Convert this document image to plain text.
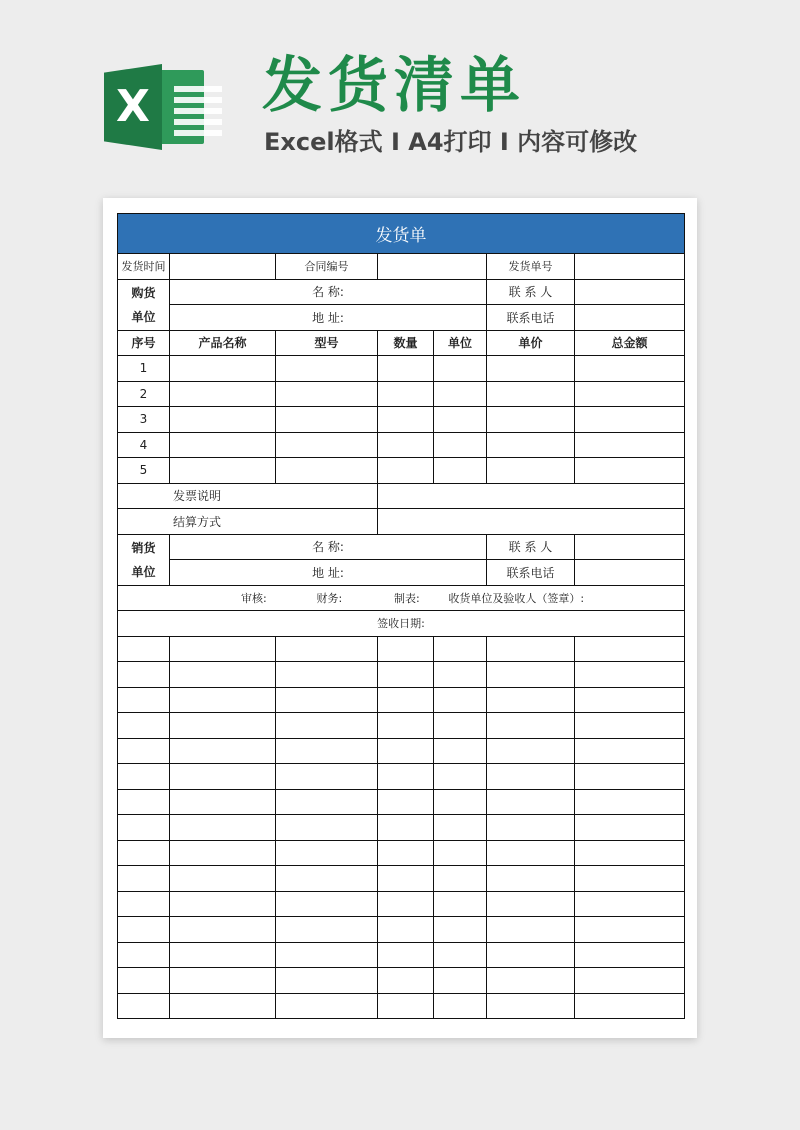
X 发货清单

Excel格式 I A4打印 I 内容可修改

发货单						
发货时间		合同编号			发货单号	
购货
单位	名 称:				联 系 人	
	地 址:				联系电话	
序号	产品名称	型号	数量	单位	单价	总金额
1						
2						
3						
4						
5						
发票说明						
结算方式						
销货
单位	名 称:				联 系 人	
	地 址:				联系电话	
审核: 财务: 制表: 收货单位及验收人（签章）:						
签收日期:						
